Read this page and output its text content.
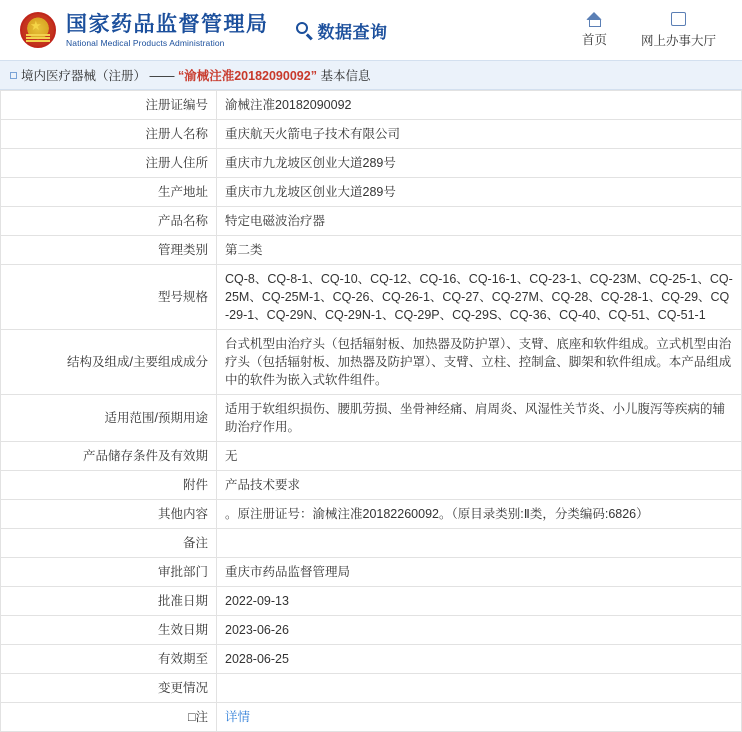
★ 国家药品监督管理局
National Medical Products Administration
数据查询	首页	网上办事大厅
境内医疗器械（注册） ——
“渝械注准20182090092”
基本信息
注册证编号	渝械注准20182090092
注册人名称	重庆航天火箭电子技术有限公司
注册人住所	重庆市九龙坡区创业大道289号
生产地址	重庆市九龙坡区创业大道289号
产品名称	特定电磁波治疗器
管理类别	第二类
型号规格	CQ-8、CQ-8-1、CQ-10、CQ-12、CQ-16、CQ-16-1、CQ-23-1、CQ-23M、CQ-25-1、CQ-25M、CQ-25M-1、CQ-26、CQ-26-1、CQ-27、CQ-27M、CQ-28、CQ-28-1、CQ-29、CQ-29-1、CQ-29N、CQ-29N-1、CQ-29P、CQ-29S、CQ-36、CQ-40、CQ-51、CQ-51-1
结构及组成/主要组成成分	台式机型由治疗头（包括辐射板、加热器及防护罩）、支臂、底座和软件组成。立式机型由治疗头（包括辐射板、加热器及防护罩）、支臂、立柱、控制盒、脚架和软件组成。本产品组成中的软件为嵌入式软件组件。
适用范围/预期用途	适用于软组织损伤、腰肌劳损、坐骨神经痛、肩周炎、风湿性关节炎、小儿腹泻等疾病的辅助治疗作用。
产品储存条件及有效期	无
附件	产品技术要求
其他内容	。原注册证号：渝械注准20182260092。（原目录类别:Ⅱ类，分类编码:6826）
备注	
审批部门	重庆市药品监督管理局
批准日期	2022-09-13
生效日期	2023-06-26
有效期至	2028-06-25
变更情况	
□注	详情
